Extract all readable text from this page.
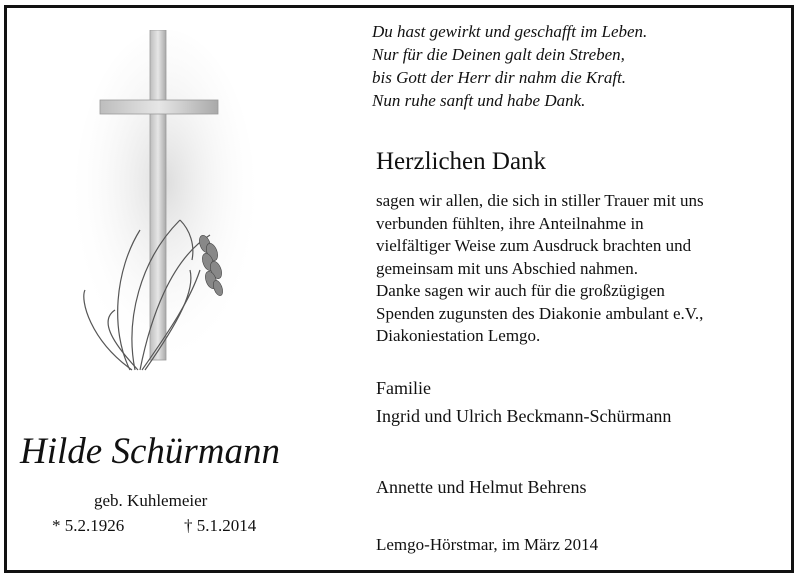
Du hast gewirkt und geschafft im Leben.
Nur für die Deinen galt dein Streben,
bis Gott der Herr dir nahm die Kraft.
Nun ruhe sanft und habe Dank.
Herzlichen Dank
sagen wir allen, die sich in stiller Trauer mit uns
verbunden fühlten, ihre Anteilnahme in
vielfältiger Weise zum Ausdruck brachten und
gemeinsam mit uns Abschied nahmen.
Danke sagen wir auch für die großzügigen
Spenden zugunsten des Diakonie ambulant e.V.,
Diakoniestation Lemgo.
Familie
Ingrid und Ulrich Beckmann-Schürmann
Annette und Helmut Behrens
Lemgo-Hörstmar, im März 2014
Hilde Schürmann
geb. Kuhlemeier
* 5.2.1926	† 5.1.2014
